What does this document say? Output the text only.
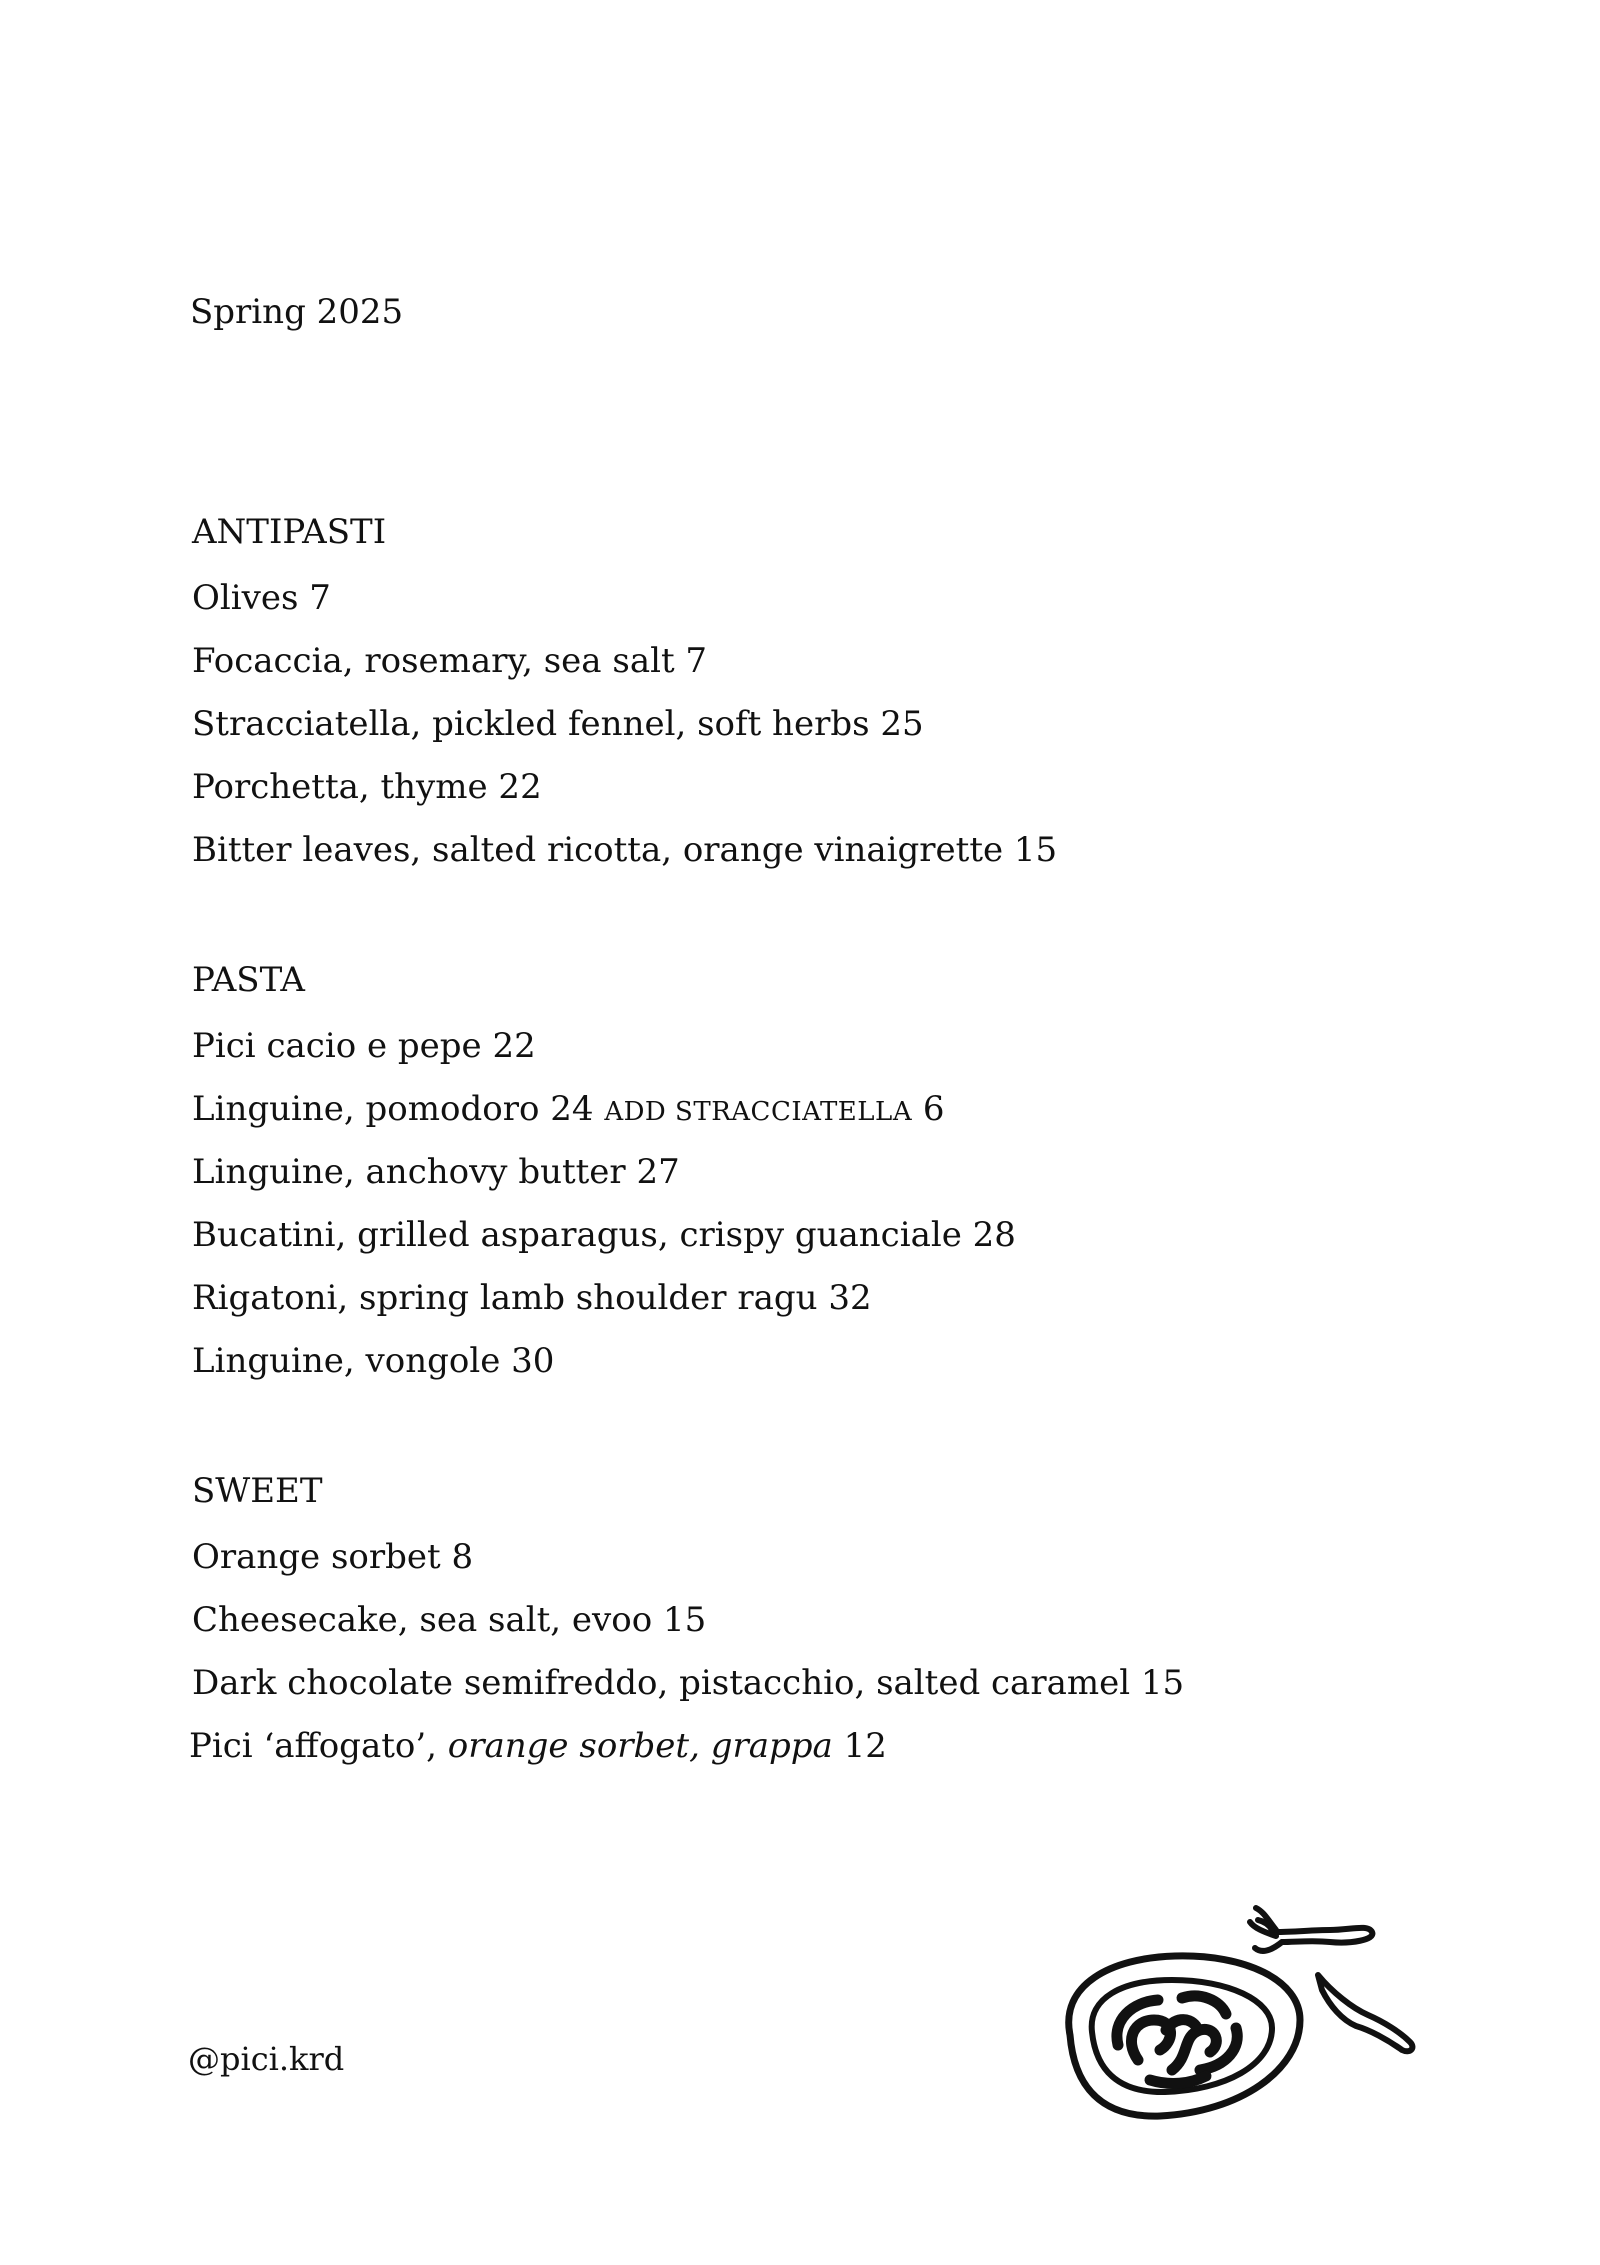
Spring 2025
ANTIPASTI
Olives 7
Focaccia, rosemary, sea salt 7
Stracciatella, pickled fennel, soft herbs 25
Porchetta, thyme 22
Bitter leaves, salted ricotta, orange vinaigrette 15
PASTA
Pici cacio e pepe 22
Linguine, pomodoro 24 ADD STRACCIATELLA 6
Linguine, anchovy butter 27
Bucatini, grilled asparagus, crispy guanciale 28
Rigatoni, spring lamb shoulder ragu 32
Linguine, vongole 30
SWEET
Orange sorbet 8
Cheesecake, sea salt, evoo 15
Dark chocolate semifreddo, pistacchio, salted caramel 15
Pici ‘affogato’, orange sorbet, grappa 12
@pici.krd
